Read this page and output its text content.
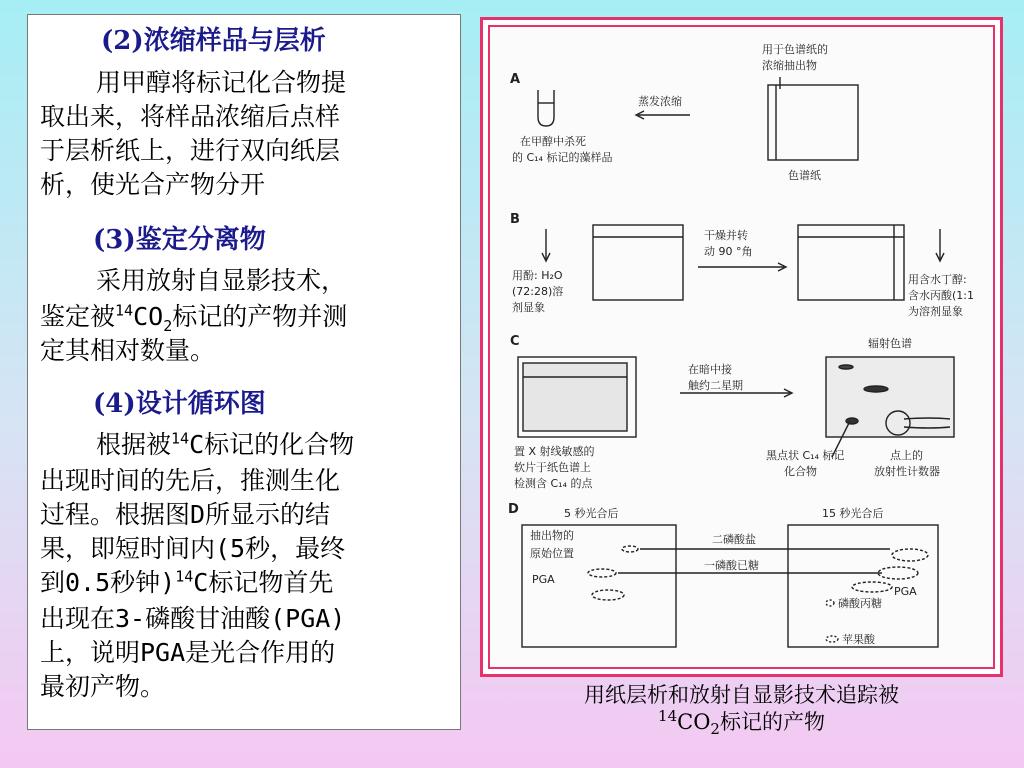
(2)浓缩样品与层析
用甲醇将标记化合物提
取出来，将样品浓缩后点样
于层析纸上，进行双向纸层
析，使光合产物分开
(3)鉴定分离物
采用放射自显影技术，
鉴定被$^{14}CO_2$标记的产物并测
定其相对数量。
(4)设计循环图
根据被$^{14}$C标记的化合物
出现时间的先后，推测生化
过程。根据图D所显示的结
果，即短时间内(5秒，最终
到0.5秒钟)$^{14}$C标记物首先
出现在3-磷酸甘油酸(PGA)
上，说明PGA是光合作用的
最初产物。
A
用于色谱纸的
浓缩抽出物
蒸发浓缩
在甲醇中杀死
的 C₁₄ 标记的藻样品
色谱纸
B
干燥并转
动 90 °角
用酚: H₂O
(72:28)溶
剂显象
用含水丁醇:
含水丙酸(1:1
为溶剂显象
C	辐射色谱
在暗中接
触约二星期
置 X 射线敏感的
软片于纸色谱上
检测含 C₁₄ 的点
黑点状 C₁₄ 标记
化合物
点上的
放射性计数器
D	5 秒光合后	15 秒光合后
抽出物的
原始位置
PGA
二磷酸盐
一磷酸已糖
PGA
磷酸丙糖
苹果酸
用纸层析和放射自显影技术追踪被
$^{14}CO_2$标记的产物
